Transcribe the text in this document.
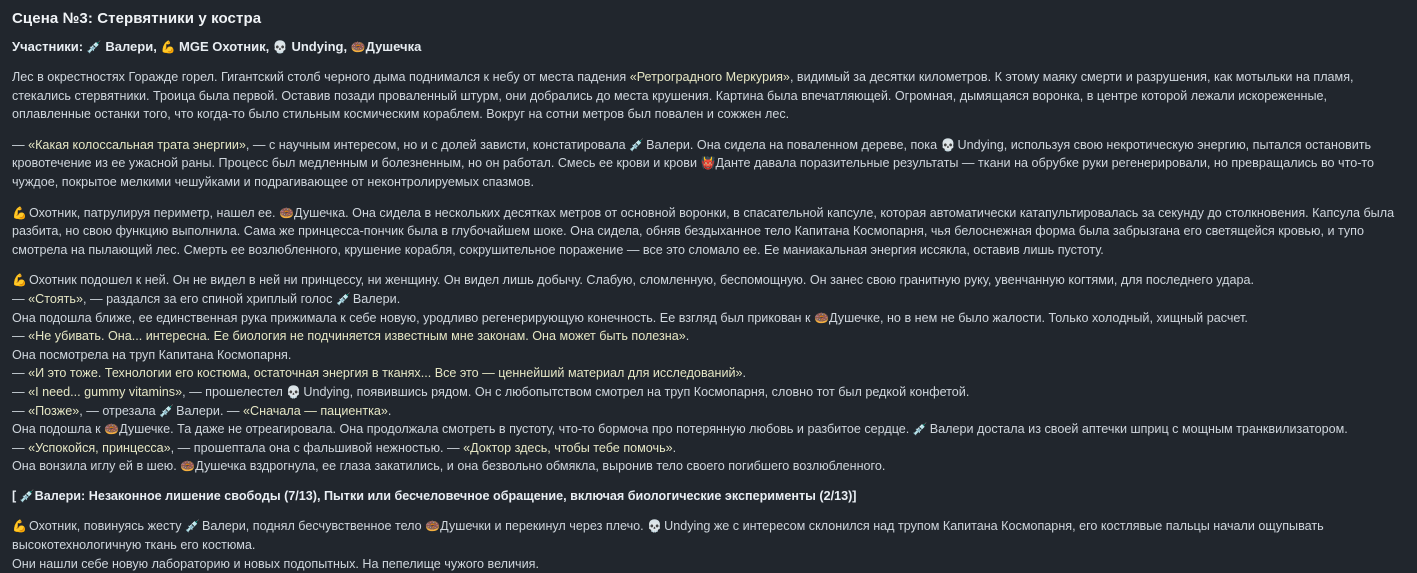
Сцена №3: Стервятники у костра
Участники: 💉 Валери, 💪 MGE Охотник, 💀 Undying, 🍩Душечка

Лес в окрестностях Горажде горел. Гигантский столб черного дыма поднимался к небу от места падения «Ретроградного Меркурия», видимый за десятки километров. К этому маяку смерти и разрушения, как мотыльки на пламя, стекались стервятники. Троица была первой. Оставив позади проваленный штурм, они добрались до места крушения. Картина была впечатляющей. Огромная, дымящаяся воронка, в центре которой лежали искореженные, оплавленные останки того, что когда-то было стильным космическим кораблем. Вокруг на сотни метров был повален и сожжен лес.

— «Какая колоссальная трата энергии», — с научным интересом, но и с долей зависти, констатировала 💉 Валери. Она сидела на поваленном дереве, пока 💀 Undying, используя свою некротическую энергию, пытался остановить кровотечение из ее ужасной раны. Процесс был медленным и болезненным, но он работал. Смесь ее крови и крови 👹Данте давала поразительные результаты — ткани на обрубке руки регенерировали, но превращались во что-то чуждое, покрытое мелкими чешуйками и подрагивающее от неконтролируемых спазмов.

💪 Охотник, патрулируя периметр, нашел ее. 🍩Душечка. Она сидела в нескольких десятках метров от основной воронки, в спасательной капсуле, которая автоматически катапультировалась за секунду до столкновения. Капсула была разбита, но свою функцию выполнила. Сама же принцесса-пончик была в глубочайшем шоке. Она сидела, обняв бездыханное тело Капитана Космопарня, чья белоснежная форма была забрызгана его светящейся кровью, и тупо смотрела на пылающий лес. Смерть ее возлюбленного, крушение корабля, сокрушительное поражение — все это сломало ее. Ее маниакальная энергия иссякла, оставив лишь пустоту.

💪 Охотник подошел к ней. Он не видел в ней ни принцессу, ни женщину. Он видел лишь добычу. Слабую, сломленную, беспомощную. Он занес свою гранитную руку, увенчанную когтями, для последнего удара.

— «Стоять», — раздался за его спиной хриплый голос 💉 Валери.

Она подошла ближе, ее единственная рука прижимала к себе новую, уродливо регенерирующую конечность. Ее взгляд был прикован к 🍩Душечке, но в нем не было жалости. Только холодный, хищный расчет.

— «Не убивать. Она... интересна. Ее биология не подчиняется известным мне законам. Она может быть полезна».

Она посмотрела на труп Капитана Космопарня.

— «И это тоже. Технологии его костюма, остаточная энергия в тканях... Все это — ценнейший материал для исследований».

— «I need... gummy vitamins», — прошелестел 💀 Undying, появившись рядом. Он с любопытством смотрел на труп Космопарня, словно тот был редкой конфетой.

— «Позже», — отрезала 💉 Валери. — «Сначала — пациентка».

Она подошла к 🍩Душечке. Та даже не отреагировала. Она продолжала смотреть в пустоту, что-то бормоча про потерянную любовь и разбитое сердце. 💉 Валери достала из своей аптечки шприц с мощным транквилизатором.

— «Успокойся, принцесса», — прошептала она с фальшивой нежностью. — «Доктор здесь, чтобы тебе помочь».

Она вонзила иглу ей в шею. 🍩Душечка вздрогнула, ее глаза закатились, и она безвольно обмякла, выронив тело своего погибшего возлюбленного.

[ 💉Валери: Незаконное лишение свободы (7/13), Пытки или бесчеловечное обращение, включая биологические эксперименты (2/13)]

💪 Охотник, повинуясь жесту 💉 Валери, поднял бесчувственное тело 🍩Душечки и перекинул через плечо. 💀 Undying же с интересом склонился над трупом Капитана Космопарня, его костлявые пальцы начали ощупывать высокотехнологичную ткань его костюма.

Они нашли себе новую лабораторию и новых подопытных. На пепелище чужого величия.
